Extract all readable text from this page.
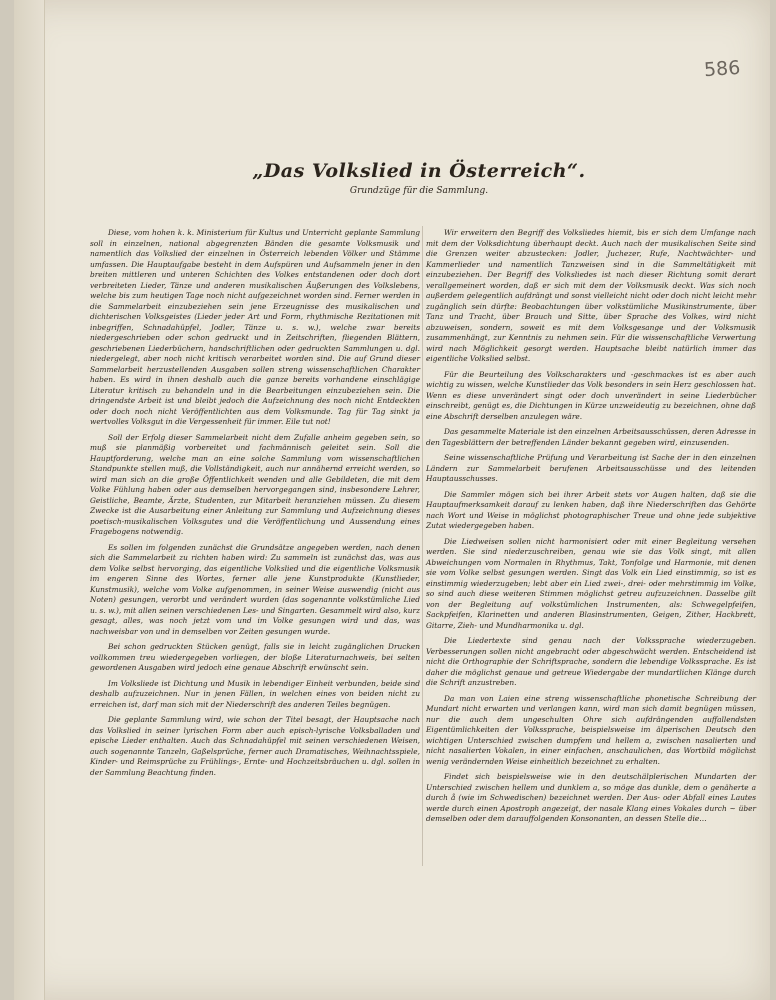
586
„Das Volkslied in Österreich“.
Grundzüge für die Sammlung.

Diese, vom hohen k. k. Ministerium für Kultus und Unterricht geplante Sammlung soll in einzelnen, national abgegrenzten Bänden die gesamte Volksmusik und namentlich das Volkslied der einzelnen in Österreich lebenden Völker und Stämme umfassen. Die Hauptaufgabe besteht in dem Aufspüren und Aufsammeln jener in den breiten mittleren und unteren Schichten des Volkes entstandenen oder doch dort verbreiteten Lieder, Tänze und anderen musikalischen Äußerungen des Volkslebens, welche bis zum heutigen Tage noch nicht aufgezeichnet worden sind. Ferner werden in die Sammelarbeit einzubeziehen sein jene Erzeugnisse des musikalischen und dichterischen Volksgeistes (Lieder jeder Art und Form, rhythmische Rezitationen mit inbegriffen, Schnadahüpfel, Jodler, Tänze u. s. w.), welche zwar bereits niedergeschrieben oder schon gedruckt und in Zeitschriften, fliegenden Blättern, geschriebenen Liederbüchern, handschriftlichen oder gedruckten Sammlungen u. dgl. niedergelegt, aber noch nicht kritisch verarbeitet worden sind. Die auf Grund dieser Sammelarbeit herzustellenden Ausgaben sollen streng wissenschaftlichen Charakter haben. Es wird in ihnen deshalb auch die ganze bereits vorhandene einschlägige Literatur kritisch zu behandeln und in die Bearbeitungen einzubeziehen sein. Die dringendste Arbeit ist und bleibt jedoch die Aufzeichnung des noch nicht Entdeckten oder doch noch nicht Veröffentlichten aus dem Volksmunde. Tag für Tag sinkt ja wertvolles Volksgut in die Vergessenheit für immer. Eile tut not!

Soll der Erfolg dieser Sammelarbeit nicht dem Zufalle anheim gegeben sein, so muß sie planmäßig vorbereitet und fachmännisch geleitet sein. Soll die Hauptforderung, welche man an eine solche Sammlung vom wissenschaftlichen Standpunkte stellen muß, die Vollständigkeit, auch nur annähernd erreicht werden, so wird man sich an die große Öffentlichkeit wenden und alle Gebildeten, die mit dem Volke Fühlung haben oder aus demselben hervorgegangen sind, insbesondere Lehrer, Geistliche, Beamte, Ärzte, Studenten, zur Mitarbeit heranziehen müssen. Zu diesem Zwecke ist die Ausarbeitung einer Anleitung zur Sammlung und Aufzeichnung dieses poetisch-musikalischen Volksgutes und die Veröffentlichung und Aussendung eines Fragebogens notwendig.

Es sollen im folgenden zunächst die Grundsätze angegeben werden, nach denen sich die Sammelarbeit zu richten haben wird: Zu sammeln ist zunächst das, was aus dem Volke selbst hervorging, das eigentliche Volkslied und die eigentliche Volksmusik im engeren Sinne des Wortes, ferner alle jene Kunstprodukte (Kunstlieder, Kunstmusik), welche vom Volke aufgenommen, in seiner Weise auswendig (nicht aus Noten) gesungen, verorbt und verändert wurden (das sogenannte volkstümliche Lied u. s. w.), mit allen seinen verschiedenen Les- und Singarten. Gesammelt wird also, kurz gesagt, alles, was noch jetzt vom und im Volke gesungen wird und das, was nachweisbar von und in demselben vor Zeiten gesungen wurde.

Bei schon gedruckten Stücken genügt, falls sie in leicht zugänglichen Drucken vollkommen treu wiedergegeben vorliegen, der bloße Literaturnachweis, bei selten gewordenen Ausgaben wird jedoch eine genaue Abschrift erwünscht sein.

Im Volksliede ist Dichtung und Musik in lebendiger Einheit verbunden, beide sind deshalb aufzuzeichnen. Nur in jenen Fällen, in welchen eines von beiden nicht zu erreichen ist, darf man sich mit der Niederschrift des anderen Teiles begnügen.

Die geplante Sammlung wird, wie schon der Titel besagt, der Hauptsache nach das Volkslied in seiner lyrischen Form aber auch episch-lyrische Volksballaden und epische Lieder enthalten. Auch das Schnadahüpfel mit seinen verschiedenen Weisen, auch sogenannte Tanzeln, Gaßelsprüche, ferner auch Dramatisches, Weihnachtsspiele, Kinder- und Reimsprüche zu Frühlings-, Ernte- und Hochzeitsbräuchen u. dgl. sollen in der Sammlung Beachtung finden.

Wir erweitern den Begriff des Volksliedes hiemit, bis er sich dem Umfange nach mit dem der Volksdichtung überhaupt deckt. Auch nach der musikalischen Seite sind die Grenzen weiter abzustecken: Jodler, Juchezer, Rufe, Nachtwächter- und Kammerlieder und namentlich Tanzweisen sind in die Sammeltätigkeit mit einzubeziehen. Der Begriff des Volksliedes ist nach dieser Richtung somit derart verallgemeinert worden, daß er sich mit dem der Volksmusik deckt. Was sich noch außerdem gelegentlich aufdrängt und sonst vielleicht nicht oder doch nicht leicht mehr zugänglich sein dürfte: Beobachtungen über volkstümliche Musikinstrumente, über Tanz und Tracht, über Brauch und Sitte, über Sprache des Volkes, wird nicht abzuweisen, sondern, soweit es mit dem Volksgesange und der Volksmusik zusammenhängt, zur Kenntnis zu nehmen sein. Für die wissenschaftliche Verwertung wird nach Möglichkeit gesorgt werden. Hauptsache bleibt natürlich immer das eigentliche Volkslied selbst.

Für die Beurteilung des Volkscharakters und -geschmackes ist es aber auch wichtig zu wissen, welche Kunstlieder das Volk besonders in sein Herz geschlossen hat. Wenn es diese unverändert singt oder doch unverändert in seine Liederbücher einschreibt, genügt es, die Dichtungen in Kürze unzweideutig zu bezeichnen, ohne daß eine Abschrift derselben anzulegen wäre.

Das gesammelte Materiale ist den einzelnen Arbeitsausschüssen, deren Adresse in den Tagesblättern der betreffenden Länder bekannt gegeben wird, einzusenden.

Seine wissenschaftliche Prüfung und Verarbeitung ist Sache der in den einzelnen Ländern zur Sammelarbeit berufenen Arbeitsausschüsse und des leitenden Hauptausschusses.

Die Sammler mögen sich bei ihrer Arbeit stets vor Augen halten, daß sie die Hauptaufmerksamkeit darauf zu lenken haben, daß ihre Niederschriften das Gehörte nach Wort und Weise in möglichst photographischer Treue und ohne jede subjektive Zutat wiedergegeben haben.

Die Liedweisen sollen nicht harmonisiert oder mit einer Begleitung versehen werden. Sie sind niederzuschreiben, genau wie sie das Volk singt, mit allen Abweichungen vom Normalen in Rhythmus, Takt, Tonfolge und Harmonie, mit denen sie vom Volke selbst gesungen werden. Singt das Volk ein Lied einstimmig, so ist es einstimmig wiederzugeben; lebt aber ein Lied zwei-, drei- oder mehrstimmig im Volke, so sind auch diese weiteren Stimmen möglichst getreu aufzuzeichnen. Dasselbe gilt von der Begleitung auf volkstümlichen Instrumenten, als: Schwegelpfeifen, Sackpfeifen, Klarinetten und anderen Blasinstrumenten, Geigen, Zither, Hackbrett, Gitarre, Zieh- und Mundharmonika u. dgl.

Die Liedertexte sind genau nach der Volkssprache wiederzugeben. Verbesserungen sollen nicht angebracht oder abgeschwächt werden. Entscheidend ist nicht die Orthographie der Schriftsprache, sondern die lebendige Volkssprache. Es ist daher die möglichst genaue und getreue Wiedergabe der mundartlichen Klänge durch die Schrift anzustreben.

Da man von Laien eine streng wissenschaftliche phonetische Schreibung der Mundart nicht erwarten und verlangen kann, wird man sich damit begnügen müssen, nur die auch dem ungeschulten Ohre sich aufdrängenden auffallendsten Eigentümlichkeiten der Volkssprache, beispielsweise im älperischen Deutsch den wichtigen Unterschied zwischen dumpfem und hellem a, zwischen nasalierten und nicht nasalierten Vokalen, in einer einfachen, anschaulichen, das Wortbild möglichst wenig verändernden Weise einheitlich bezeichnet zu erhalten.

Findet sich beispielsweise wie in den deutschälplerischen Mundarten der Unterschied zwischen hellem und dunklem a, so möge das dunkle, dem o genäherte a durch å (wie im Schwedischen) bezeichnet werden. Der Aus- oder Abfall eines Lautes werde durch einen Apostroph angezeigt, der nasale Klang eines Vokales durch ~ über demselben oder dem darauffolgenden Konsonanten, an dessen Stelle die…
